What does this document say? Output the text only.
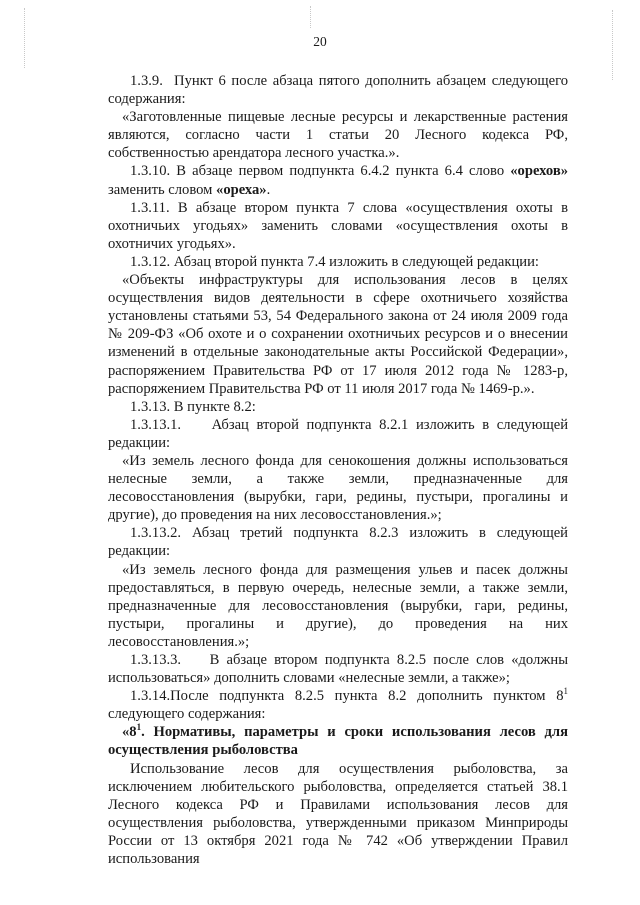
20

1.3.9. Пункт 6 после абзаца пятого дополнить абзацем следующего содержания:

«Заготовленные пищевые лесные ресурсы и лекарственные растения являются, согласно части 1 статьи 20 Лесного кодекса РФ, собственностью арендатора лесного участка.».

1.3.10. В абзаце первом подпункта 6.4.2 пункта 6.4 слово «орехов» заменить словом «ореха».

1.3.11. В абзаце втором пункта 7 слова «осуществления охоты в охотничьих угодьях» заменить словами «осуществления охоты в охотничих угодьях».

1.3.12. Абзац второй пункта 7.4 изложить в следующей редакции:

«Объекты инфраструктуры для использования лесов в целях осуществления видов деятельности в сфере охотничьего хозяйства установлены статьями 53, 54 Федерального закона от 24 июля 2009 года № 209-ФЗ «Об охоте и о сохранении охотничьих ресурсов и о внесении изменений в отдельные законодательные акты Российской Федерации», распоряжением Правительства РФ от 17 июля 2012 года № 1283-р, распоряжением Правительства РФ от 11 июля 2017 года № 1469-р.».

1.3.13. В пункте 8.2:

1.3.13.1. Абзац второй подпункта 8.2.1 изложить в следующей редакции:

«Из земель лесного фонда для сенокошения должны использоваться нелесные земли, а также земли, предназначенные для лесовосстановления (вырубки, гари, редины, пустыри, прогалины и другие), до проведения на них лесовосстановления.»;

1.3.13.2. Абзац третий подпункта 8.2.3 изложить в следующей редакции:

«Из земель лесного фонда для размещения ульев и пасек должны предоставляться, в первую очередь, нелесные земли, а также земли, предназначенные для лесовосстановления (вырубки, гари, редины, пустыри, прогалины и другие), до проведения на них лесовосстановления.»;

1.3.13.3. В абзаце втором подпункта 8.2.5 после слов «должны использоваться» дополнить словами «нелесные земли, а также»;

1.3.14.После подпункта 8.2.5 пункта 8.2 дополнить пунктом $8^1$ следующего содержания:

«$8^1$. Нормативы, параметры и сроки использования лесов для осуществления рыболовства

Использование лесов для осуществления рыболовства, за исключением любительского рыболовства, определяется статьей 38.1 Лесного кодекса РФ и Правилами использования лесов для осуществления рыболовства, утвержденными приказом Минприроды России от 13 октября 2021 года № 742 «Об утверждении Правил использования
